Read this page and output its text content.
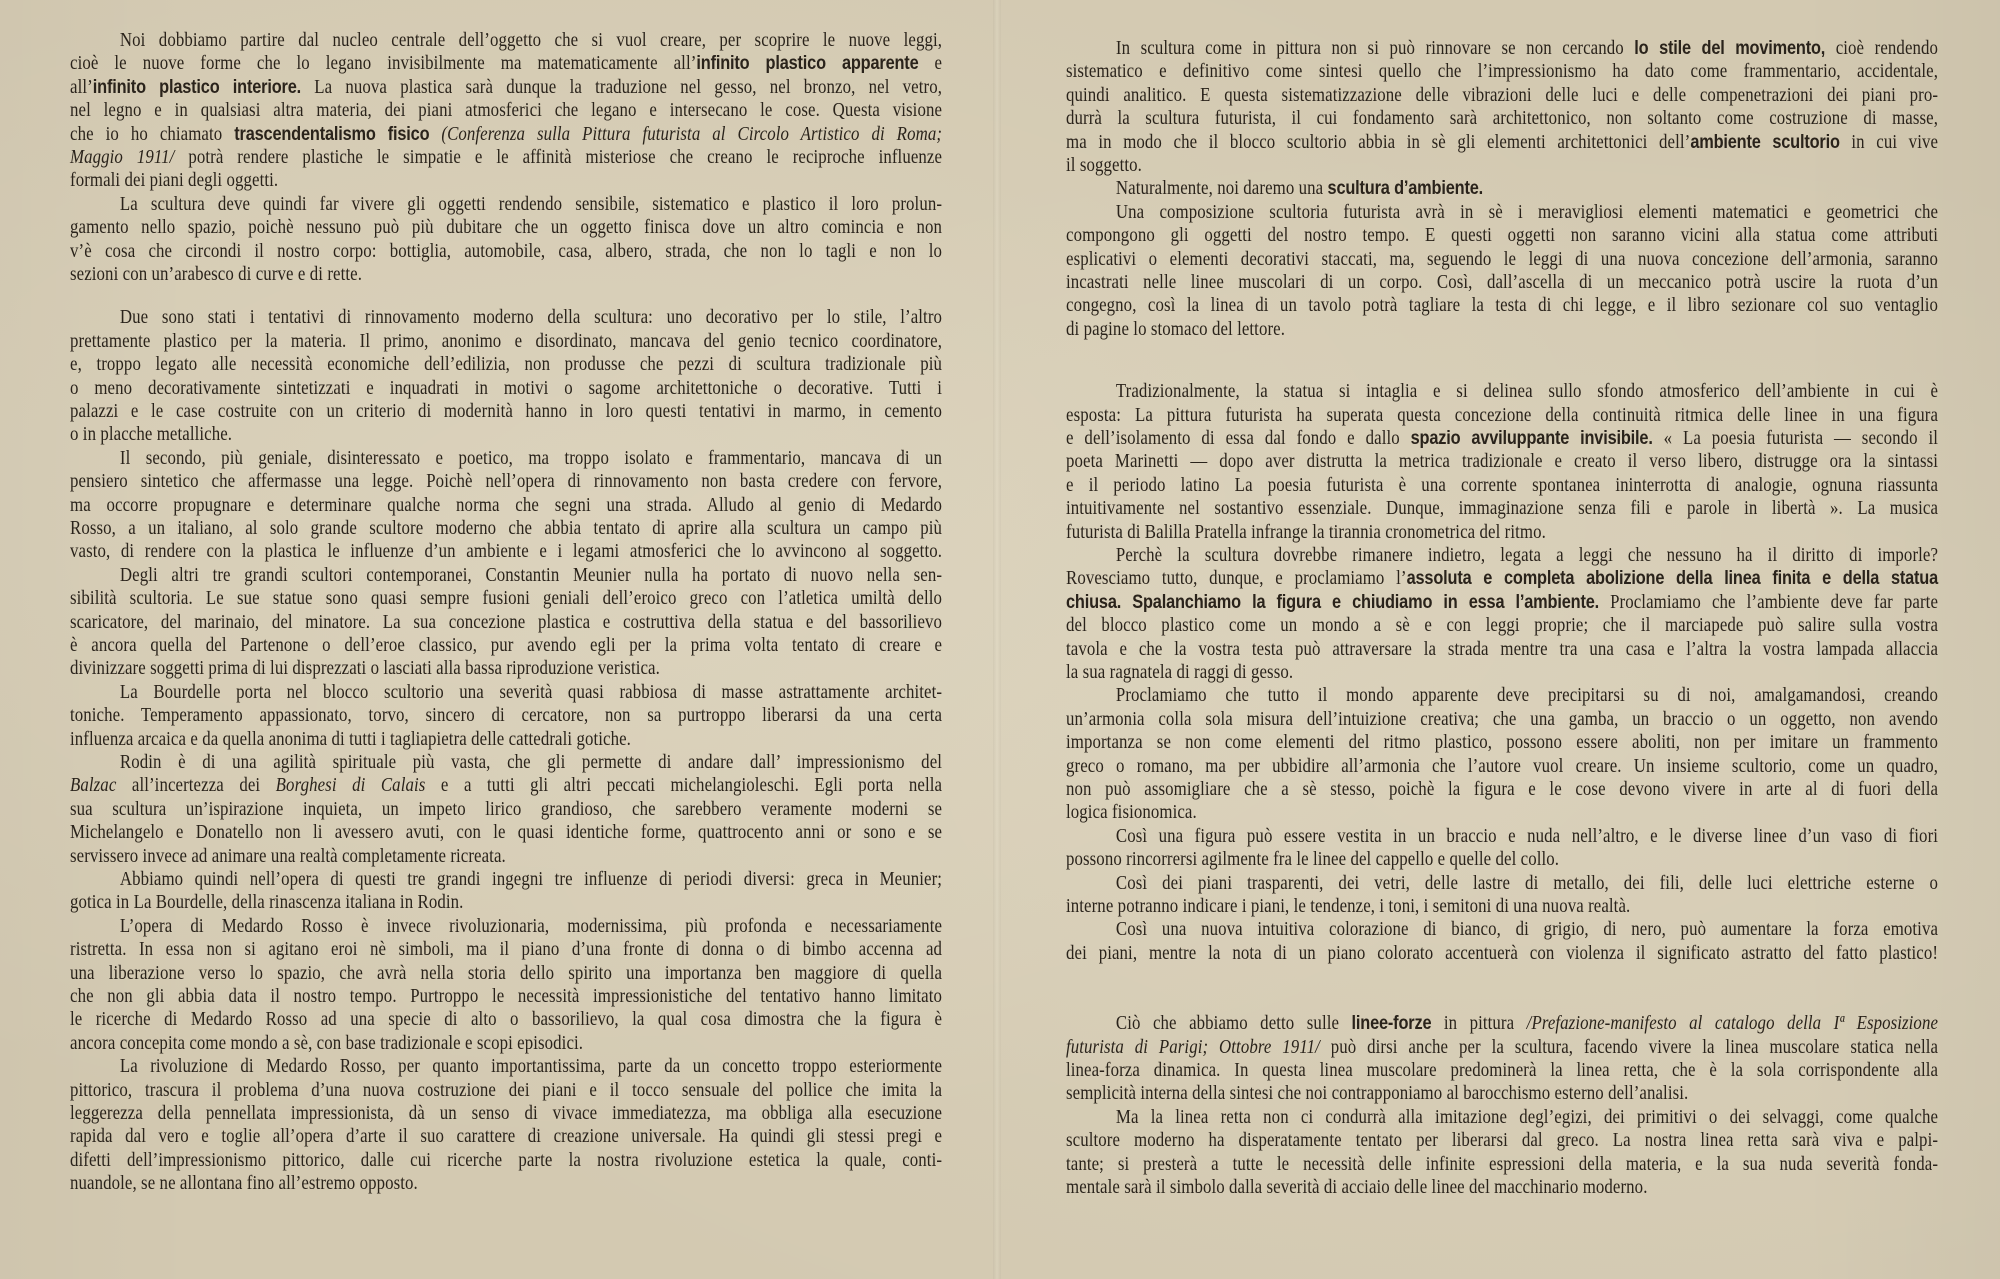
Noi dobbiamo partire dal nucleo centrale dell’oggetto che si vuol creare, per scoprire le nuove leggi,
cioè le nuove forme che lo legano invisibilmente ma matematicamente all’infinito plastico apparente e
all’infinito plastico interiore. La nuova plastica sarà dunque la traduzione nel gesso, nel bronzo, nel vetro,
nel legno e in qualsiasi altra materia, dei piani atmosferici che legano e intersecano le cose. Questa visione
che io ho chiamato trascendentalismo fisico (Conferenza sulla Pittura futurista al Circolo Artistico di Roma;
Maggio 1911/ potrà rendere plastiche le simpatie e le affinità misteriose che creano le reciproche influenze
formali dei piani degli oggetti.
La scultura deve quindi far vivere gli oggetti rendendo sensibile, sistematico e plastico il loro prolun-
gamento nello spazio, poichè nessuno può più dubitare che un oggetto finisca dove un altro comincia e non
v’è cosa che circondi il nostro corpo: bottiglia, automobile, casa, albero, strada, che non lo tagli e non lo
sezioni con un’arabesco di curve e di rette.
Due sono stati i tentativi di rinnovamento moderno della scultura: uno decorativo per lo stile, l’altro
prettamente plastico per la materia. Il primo, anonimo e disordinato, mancava del genio tecnico coordinatore,
e, troppo legato alle necessità economiche dell’edilizia, non produsse che pezzi di scultura tradizionale più
o meno decorativamente sintetizzati e inquadrati in motivi o sagome architettoniche o decorative. Tutti i
palazzi e le case costruite con un criterio di modernità hanno in loro questi tentativi in marmo, in cemento
o in placche metalliche.
Il secondo, più geniale, disinteressato e poetico, ma troppo isolato e frammentario, mancava di un
pensiero sintetico che affermasse una legge. Poichè nell’opera di rinnovamento non basta credere con fervore,
ma occorre propugnare e determinare qualche norma che segni una strada. Alludo al genio di Medardo
Rosso, a un italiano, al solo grande scultore moderno che abbia tentato di aprire alla scultura un campo più
vasto, di rendere con la plastica le influenze d’un ambiente e i legami atmosferici che lo avvincono al soggetto.
Degli altri tre grandi scultori contemporanei, Constantin Meunier nulla ha portato di nuovo nella sen-
sibilità scultoria. Le sue statue sono quasi sempre fusioni geniali dell’eroico greco con l’atletica umiltà dello
scaricatore, del marinaio, del minatore. La sua concezione plastica e costruttiva della statua e del bassorilievo
è ancora quella del Partenone o dell’eroe classico, pur avendo egli per la prima volta tentato di creare e
divinizzare soggetti prima di lui disprezzati o lasciati alla bassa riproduzione veristica.
La Bourdelle porta nel blocco scultorio una severità quasi rabbiosa di masse astrattamente architet-
toniche. Temperamento appassionato, torvo, sincero di cercatore, non sa purtroppo liberarsi da una certa
influenza arcaica e da quella anonima di tutti i tagliapietra delle cattedrali gotiche.
Rodin è di una agilità spirituale più vasta, che gli permette di andare dall’ impressionismo del
Balzac all’incertezza dei Borghesi di Calais e a tutti gli altri peccati michelangioleschi. Egli porta nella
sua scultura un’ispirazione inquieta, un impeto lirico grandioso, che sarebbero veramente moderni se
Michelangelo e Donatello non li avessero avuti, con le quasi identiche forme, quattrocento anni or sono e se
servissero invece ad animare una realtà completamente ricreata.
Abbiamo quindi nell’opera di questi tre grandi ingegni tre influenze di periodi diversi: greca in Meunier;
gotica in La Bourdelle, della rinascenza italiana in Rodin.
L’opera di Medardo Rosso è invece rivoluzionaria, modernissima, più profonda e necessariamente
ristretta. In essa non si agitano eroi nè simboli, ma il piano d’una fronte di donna o di bimbo accenna ad
una liberazione verso lo spazio, che avrà nella storia dello spirito una importanza ben maggiore di quella
che non gli abbia data il nostro tempo. Purtroppo le necessità impressionistiche del tentativo hanno limitato
le ricerche di Medardo Rosso ad una specie di alto o bassorilievo, la qual cosa dimostra che la figura è
ancora concepita come mondo a sè, con base tradizionale e scopi episodici.
La rivoluzione di Medardo Rosso, per quanto importantissima, parte da un concetto troppo esteriormente
pittorico, trascura il problema d’una nuova costruzione dei piani e il tocco sensuale del pollice che imita la
leggerezza della pennellata impressionista, dà un senso di vivace immediatezza, ma obbliga alla esecuzione
rapida dal vero e toglie all’opera d’arte il suo carattere di creazione universale. Ha quindi gli stessi pregi e
difetti dell’impressionismo pittorico, dalle cui ricerche parte la nostra rivoluzione estetica la quale, conti-
nuandole, se ne allontana fino all’estremo opposto.
In scultura come in pittura non si può rinnovare se non cercando lo stile del movimento, cioè rendendo
sistematico e definitivo come sintesi quello che l’impressionismo ha dato come frammentario, accidentale,
quindi analitico. E questa sistematizzazione delle vibrazioni delle luci e delle compenetrazioni dei piani pro-
durrà la scultura futurista, il cui fondamento sarà architettonico, non soltanto come costruzione di masse,
ma in modo che il blocco scultorio abbia in sè gli elementi architettonici dell’ambiente scultorio in cui vive
il soggetto.
Naturalmente, noi daremo una scultura d’ambiente.
Una composizione scultoria futurista avrà in sè i meravigliosi elementi matematici e geometrici che
compongono gli oggetti del nostro tempo. E questi oggetti non saranno vicini alla statua come attributi
esplicativi o elementi decorativi staccati, ma, seguendo le leggi di una nuova concezione dell’armonia, saranno
incastrati nelle linee muscolari di un corpo. Così, dall’ascella di un meccanico potrà uscire la ruota d’un
congegno, così la linea di un tavolo potrà tagliare la testa di chi legge, e il libro sezionare col suo ventaglio
di pagine lo stomaco del lettore.
Tradizionalmente, la statua si intaglia e si delinea sullo sfondo atmosferico dell’ambiente in cui è
esposta: La pittura futurista ha superata questa concezione della continuità ritmica delle linee in una figura
e dell’isolamento di essa dal fondo e dallo spazio avviluppante invisibile. « La poesia futurista — secondo il
poeta Marinetti — dopo aver distrutta la metrica tradizionale e creato il verso libero, distrugge ora la sintassi
e il periodo latino La poesia futurista è una corrente spontanea ininterrotta di analogie, ognuna riassunta
intuitivamente nel sostantivo essenziale. Dunque, immaginazione senza fili e parole in libertà ». La musica
futurista di Balilla Pratella infrange la tirannia cronometrica del ritmo.
Perchè la scultura dovrebbe rimanere indietro, legata a leggi che nessuno ha il diritto di imporle?
Rovesciamo tutto, dunque, e proclamiamo l’assoluta e completa abolizione della linea finita e della statua
chiusa. Spalanchiamo la figura e chiudiamo in essa l’ambiente. Proclamiamo che l’ambiente deve far parte
del blocco plastico come un mondo a sè e con leggi proprie; che il marciapede può salire sulla vostra
tavola e che la vostra testa può attraversare la strada mentre tra una casa e l’altra la vostra lampada allaccia
la sua ragnatela di raggi di gesso.
Proclamiamo che tutto il mondo apparente deve precipitarsi su di noi, amalgamandosi, creando
un’armonia colla sola misura dell’intuizione creativa; che una gamba, un braccio o un oggetto, non avendo
importanza se non come elementi del ritmo plastico, possono essere aboliti, non per imitare un frammento
greco o romano, ma per ubbidire all’armonia che l’autore vuol creare. Un insieme scultorio, come un quadro,
non può assomigliare che a sè stesso, poichè la figura e le cose devono vivere in arte al di fuori della
logica fisionomica.
Così una figura può essere vestita in un braccio e nuda nell’altro, e le diverse linee d’un vaso di fiori
possono rincorrersi agilmente fra le linee del cappello e quelle del collo.
Così dei piani trasparenti, dei vetri, delle lastre di metallo, dei fili, delle luci elettriche esterne o
interne potranno indicare i piani, le tendenze, i toni, i semitoni di una nuova realtà.
Così una nuova intuitiva colorazione di bianco, di grigio, di nero, può aumentare la forza emotiva
dei piani, mentre la nota di un piano colorato accentuerà con violenza il significato astratto del fatto plastico!
Ciò che abbiamo detto sulle linee-forze in pittura /Prefazione-manifesto al catalogo della Iª Esposizione
futurista di Parigi; Ottobre 1911/ può dirsi anche per la scultura, facendo vivere la linea muscolare statica nella
linea-forza dinamica. In questa linea muscolare predominerà la linea retta, che è la sola corrispondente alla
semplicità interna della sintesi che noi contrapponiamo al barocchismo esterno dell’analisi.
Ma la linea retta non ci condurrà alla imitazione degl’egizi, dei primitivi o dei selvaggi, come qualche
scultore moderno ha disperatamente tentato per liberarsi dal greco. La nostra linea retta sarà viva e palpi-
tante; si presterà a tutte le necessità delle infinite espressioni della materia, e la sua nuda severità fonda-
mentale sarà il simbolo dalla severità di acciaio delle linee del macchinario moderno.
